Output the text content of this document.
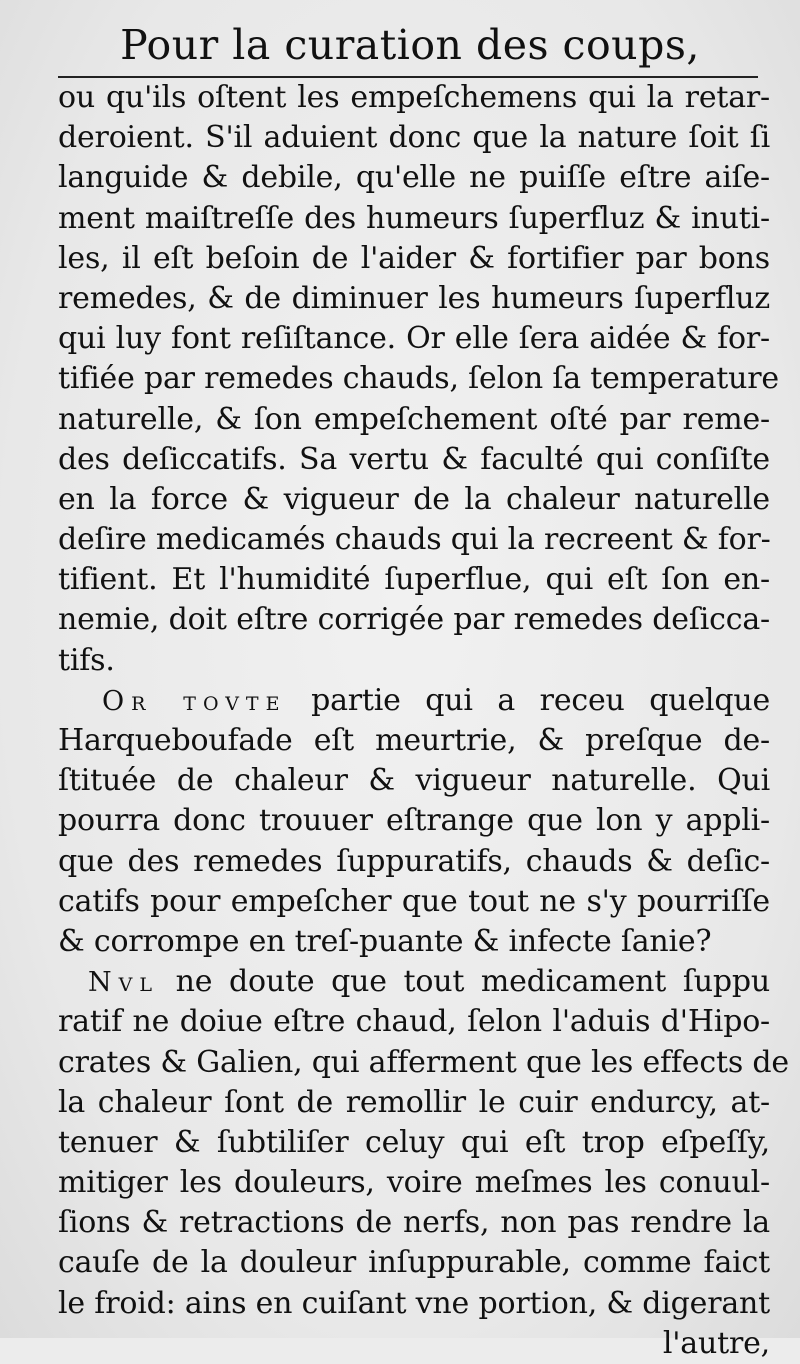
Pour la curation des coups,
ou qu'ils oſtent les empeſchemens qui la retar-
deroient. S'il aduient donc que la nature ſoit ſi
languide & debile, qu'elle ne puiſſe eſtre aiſe-
ment maiſtreſſe des humeurs ſuperfluz & inuti-
les, il eſt beſoin de l'aider & fortifier par bons
remedes, & de diminuer les humeurs ſuperfluz
qui luy font reſiſtance. Or elle ſera aidée & for-
tifiée par remedes chauds, ſelon ſa temperature
naturelle, & ſon empeſchement oſté par reme-
des deſiccatifs. Sa vertu & faculté qui conſiſte
en la force & vigueur de la chaleur naturelle
deſire medicamés chauds qui la recreent & for-
tifient. Et l'humidité ſuperflue, qui eſt ſon en-
nemie, doit eſtre corrigée par remedes deſicca-
tifs.
Or tovte partie qui a receu quelque
Harqueboufade eſt meurtrie, & preſque de-
ſtituée de chaleur & vigueur naturelle. Qui
pourra donc trouuer eſtrange que lon y appli-
que des remedes ſuppuratifs, chauds & deſic-
catifs pour empeſcher que tout ne s'y pourriſſe
& corrompe en treſ-puante & infecte ſanie?
Nvl ne doute que tout medicament ſuppu
ratif ne doiue eſtre chaud, ſelon l'aduis d'Hipo-
crates & Galien, qui afferment que les effects de
la chaleur ſont de remollir le cuir endurcy, at-
tenuer & ſubtiliſer celuy qui eſt trop eſpeſſy,
mitiger les douleurs, voire meſmes les conuul-
ſions & retractions de nerfs, non pas rendre la
cauſe de la douleur inſuppurable, comme faict
le froid: ains en cuiſant vne portion, & digerant
l'autre,
